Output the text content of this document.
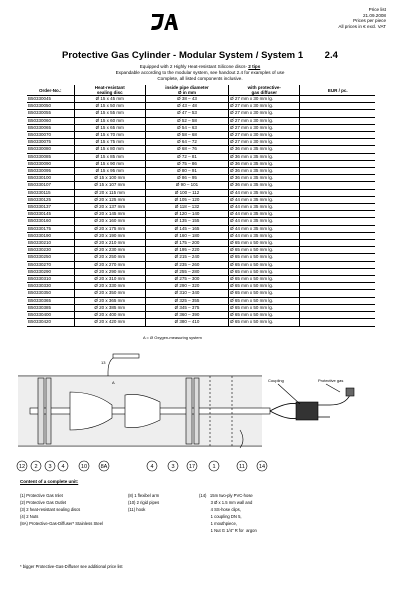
Price list
21.09.2008
Prices per piece
All prices in € excl. VAT
Protective Gas Cylinder - Modular System / System 1 2.4
Equipped with 2 Highly Heat-resistant Silicone discs- 2 tips
Expandable according to the modular system, see handout 2.4 for examples of use
Complete, all listed components inclusive.
Order-No.:	Heat-resistant
sealing disc	inside pipe diameter
Ø in mm	with protective-
gas diffuser	EUR / pc.
B50330045	Ø 15 x 45 mm	Ø 38 – 43	Ø 27 mm x 30 mm lg.	
B50330050	Ø 15 x 50 mm	Ø 43 – 48	Ø 27 mm x 30 mm lg.	
B50330055	Ø 15 x 55 mm	Ø 47 – 53	Ø 27 mm x 30 mm lg.	
B50330060	Ø 15 x 60 mm	Ø 52 – 58	Ø 27 mm x 30 mm lg.	
B50330065	Ø 15 x 65 mm	Ø 54 – 63	Ø 27 mm x 30 mm lg.	
B50330070	Ø 15 x 70 mm	Ø 58 – 68	Ø 27 mm x 30 mm lg.	
B50330075	Ø 15 x 75 mm	Ø 64 – 72	Ø 27 mm x 30 mm lg.	
B50330080	Ø 15 x 80 mm	Ø 68 – 76	Ø 36 mm x 35 mm lg.	
B50330085	Ø 15 x 85 mm	Ø 72 – 81	Ø 36 mm x 35 mm lg.	
B50330090	Ø 15 x 90 mm	Ø 75 – 86	Ø 36 mm x 35 mm lg.	
B50330095	Ø 15 x 95 mm	Ø 80 – 91	Ø 36 mm x 35 mm lg.	
B50330100	Ø 15 x 100 mm	Ø 86 – 95	Ø 36 mm x 35 mm lg.	
B50330107	Ø 15 x 107 mm	Ø 90 – 101	Ø 36 mm x 35 mm lg.	
B50330115	Ø 20 x 115 mm	Ø 100 – 112	Ø 44 mm x 35 mm lg.	
B50330125	Ø 20 x 125 mm	Ø 105 – 120	Ø 44 mm x 35 mm lg.	
B50330137	Ø 20 x 137 mm	Ø 118 – 132	Ø 44 mm x 35 mm lg.	
B50330145	Ø 20 x 145 mm	Ø 120 – 140	Ø 44 mm x 35 mm lg.	
B50330160	Ø 20 x 160 mm	Ø 135 – 155	Ø 44 mm x 35 mm lg.	
B50330175	Ø 20 x 175 mm	Ø 145 – 165	Ø 44 mm x 35 mm lg.	
B50330190	Ø 20 x 190 mm	Ø 160 – 180	Ø 44 mm x 35 mm lg.	
B50330210	Ø 20 x 210 mm	Ø 175 – 200	Ø 65 mm x 50 mm lg.	
B50330230	Ø 20 x 230 mm	Ø 195 – 220	Ø 65 mm x 50 mm lg.	
B50330250	Ø 20 x 250 mm	Ø 215 – 240	Ø 65 mm x 50 mm lg.	
B50330270	Ø 20 x 270 mm	Ø 235 – 260	Ø 65 mm x 50 mm lg.	
B50330290	Ø 20 x 290 mm	Ø 255 – 280	Ø 65 mm x 50 mm lg.	
B50330310	Ø 20 x 310 mm	Ø 275 – 300	Ø 65 mm x 50 mm lg.	
B50330330	Ø 20 x 330 mm	Ø 290 – 320	Ø 65 mm x 50 mm lg.	
B50330350	Ø 20 x 350 mm	Ø 310 – 340	Ø 65 mm x 50 mm lg.	
B50330365	Ø 20 x 365 mm	Ø 325 – 355	Ø 65 mm x 50 mm lg.	
B50330385	Ø 20 x 385 mm	Ø 345 – 375	Ø 65 mm x 50 mm lg.	
B50330400	Ø 20 x 400 mm	Ø 360 – 390	Ø 65 mm x 50 mm lg.	
B50330420	Ø 20 x 420 mm	Ø 380 – 410	Ø 65 mm x 50 mm lg.	
12 2 3 4	10 8A	4	3	17	1	11	14
A = Ø Oxygen-measuring system
Coupling	Protective gas
A
13
Content of a complete unit:
(1) Protective Gas Inlet
(2) Protective Gas Outlet
(3) 2 heat-resistant sealing discs
(4) 2 Nuts
(8A) Protective-Gas-Diffuser* Stainless Steel
(8) 1 flexibel arm
(10) 2 rigid pipes
(11) hook
(14)   15m two-ply PVC-hose
3 Ø x 1.5 mm wall and
4 SS-hose clips,
1 coupling DN 5,
1 mouthpiece,
1 Nut G 1/4" R for  argon
* bigger Protective-Gas-Diffuser see additional price list
